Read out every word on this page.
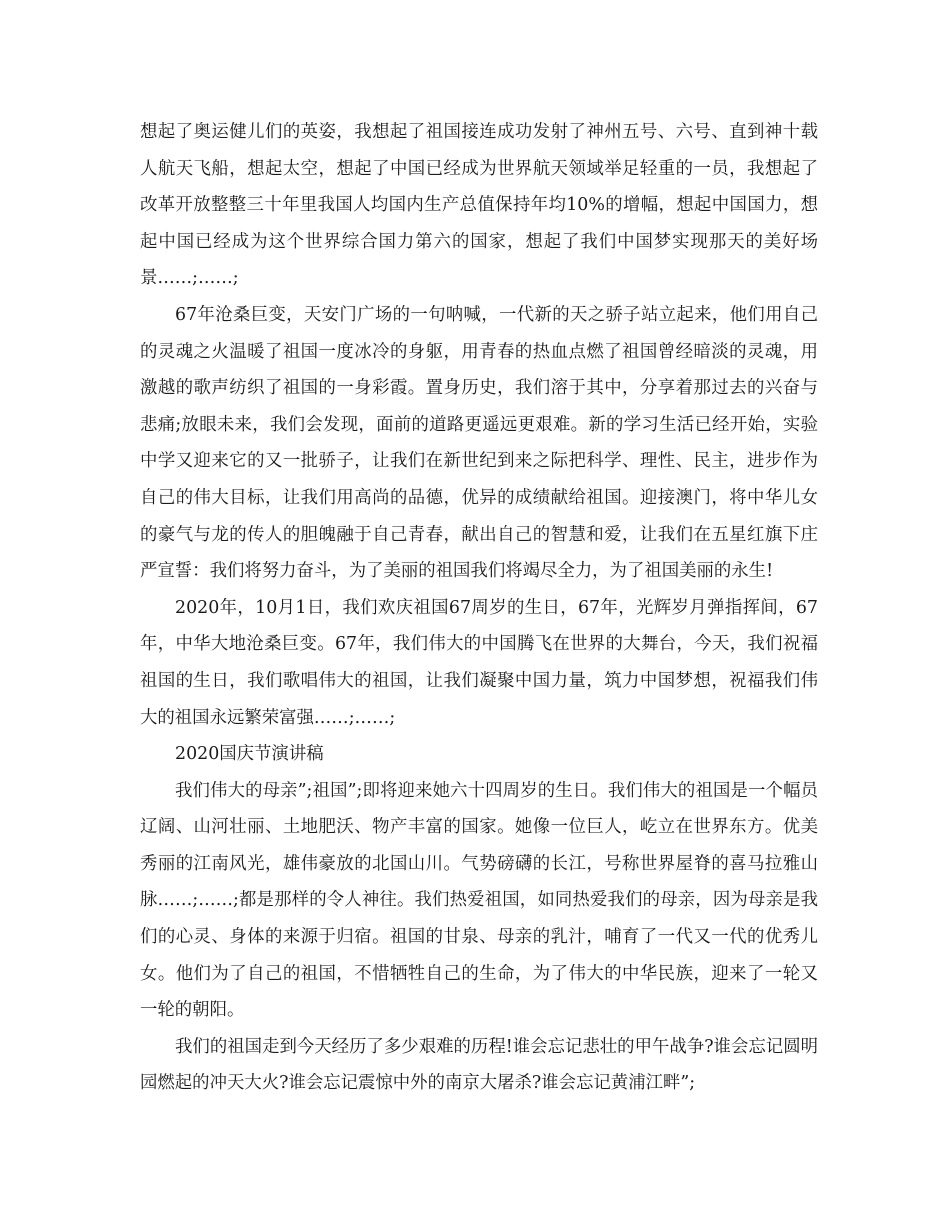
想起了奥运健儿们的英姿，我想起了祖国接连成功发射了神州五号、六号、直到神十载人航天飞船，想起太空，想起了中国已经成为世界航天领域举足轻重的一员，我想起了改革开放整整三十年里我国人均国内生产总值保持年均10%的增幅，想起中国国力，想起中国已经成为这个世界综合国力第六的国家，想起了我们中国梦实现那天的美好场景……;……;

67年沧桑巨变，天安门广场的一句呐喊，一代新的天之骄子站立起来，他们用自己的灵魂之火温暖了祖国一度冰冷的身躯，用青春的热血点燃了祖国曾经暗淡的灵魂，用激越的歌声纺织了祖国的一身彩霞。置身历史，我们溶于其中，分享着那过去的兴奋与悲痛;放眼未来，我们会发现，面前的道路更遥远更艰难。新的学习生活已经开始，实验中学又迎来它的又一批骄子，让我们在新世纪到来之际把科学、理性、民主，进步作为自己的伟大目标，让我们用高尚的品德，优异的成绩献给祖国。迎接澳门，将中华儿女的豪气与龙的传人的胆魄融于自己青春，献出自己的智慧和爱，让我们在五星红旗下庄严宣誓：我们将努力奋斗，为了美丽的祖国我们将竭尽全力，为了祖国美丽的永生!

2020年，10月1日，我们欢庆祖国67周岁的生日，67年，光辉岁月弹指挥间，67年，中华大地沧桑巨变。67年，我们伟大的中国腾飞在世界的大舞台，今天，我们祝福祖国的生日，我们歌唱伟大的祖国，让我们凝聚中国力量，筑力中国梦想，祝福我们伟大的祖国永远繁荣富强……;……;

2020国庆节演讲稿

我们伟大的母亲”;祖国”;即将迎来她六十四周岁的生日。我们伟大的祖国是一个幅员辽阔、山河壮丽、土地肥沃、物产丰富的国家。她像一位巨人，屹立在世界东方。优美秀丽的江南风光，雄伟豪放的北国山川。气势磅礴的长江，号称世界屋脊的喜马拉雅山脉……;……;都是那样的令人神往。我们热爱祖国，如同热爱我们的母亲，因为母亲是我们的心灵、身体的来源于归宿。祖国的甘泉、母亲的乳汁，哺育了一代又一代的优秀儿女。他们为了自己的祖国，不惜牺牲自己的生命，为了伟大的中华民族，迎来了一轮又一轮的朝阳。

我们的祖国走到今天经历了多少艰难的历程!谁会忘记悲壮的甲午战争?谁会忘记圆明园燃起的冲天大火?谁会忘记震惊中外的南京大屠杀?谁会忘记黄浦江畔”;
